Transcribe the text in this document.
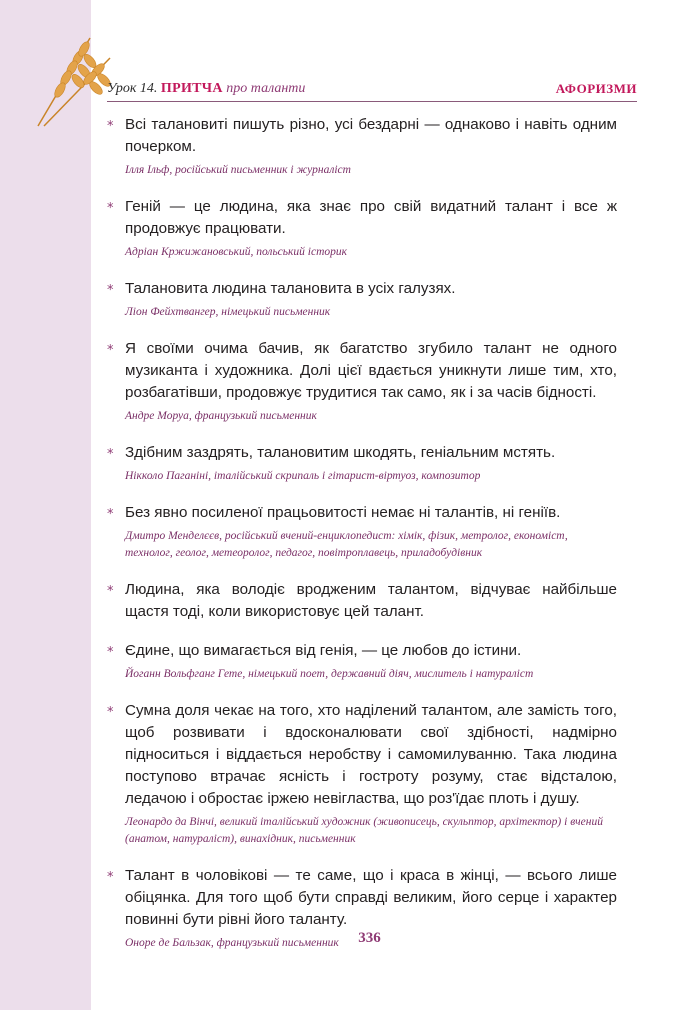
Урок 14. ПРИТЧА про таланти	АФОРИЗМИ
* Всі талановиті пишуть різно, усі бездарні — однаково і навіть одним почерком.

Ілля Ільф, російський письменник і журналіст
* Геній — це людина, яка знає про свій видатний талант і все ж продовжує працювати.

Адріан Кржижановський, польський історик
* Талановита людина талановита в усіх галузях.

Ліон Фейхтвангер, німецький письменник
* Я своїми очима бачив, як багатство згубило талант не одного музиканта і художника. Долі цієї вдається уникнути лише тим, хто, розбагатівши, продовжує трудитися так само, як і за часів бідності.

Андре Моруа, французький письменник
* Здібним заздрять, талановитим шкодять, геніальним мстять.

Нікколо Паганіні, італійський скрипаль і гітарист-віртуоз, композитор
* Без явно посиленої працьовитості немає ні талантів, ні геніїв.

Дмитро Менделєєв, російський вчений-енциклопедист: хімік, фізик, метролог, економіст, технолог, геолог, метеоролог, педагог, повітроплавець, приладобудівник
* Людина, яка володіє вродженим талантом, відчуває найбільше щастя тоді, коли використовує цей талант.

* Єдине, що вимагається від генія, — це любов до істини.

Йоганн Вольфганг Гете, німецький поет, державний діяч, мислитель і натураліст
* Сумна доля чекає на того, хто наділений талантом, але замість того, щоб розвивати і вдосконалювати свої здібності, надмірно підноситься і віддається неробству і самомилуванню. Така людина поступово втрачає ясність і гостроту розуму, стає відсталою, ледачою і обростає іржею невігластва, що роз'їдає плоть і душу.

Леонардо да Вінчі, великий італійський художник (живописець, скульптор, архітектор) і вчений (анатом, натураліст), винахідник, письменник
* Талант в чоловікові — те саме, що і краса в жінці, — всього лише обіцянка. Для того щоб бути справді великим, його серце і характер повинні бути рівні його таланту.

Оноре де Бальзак, французький письменник	336
